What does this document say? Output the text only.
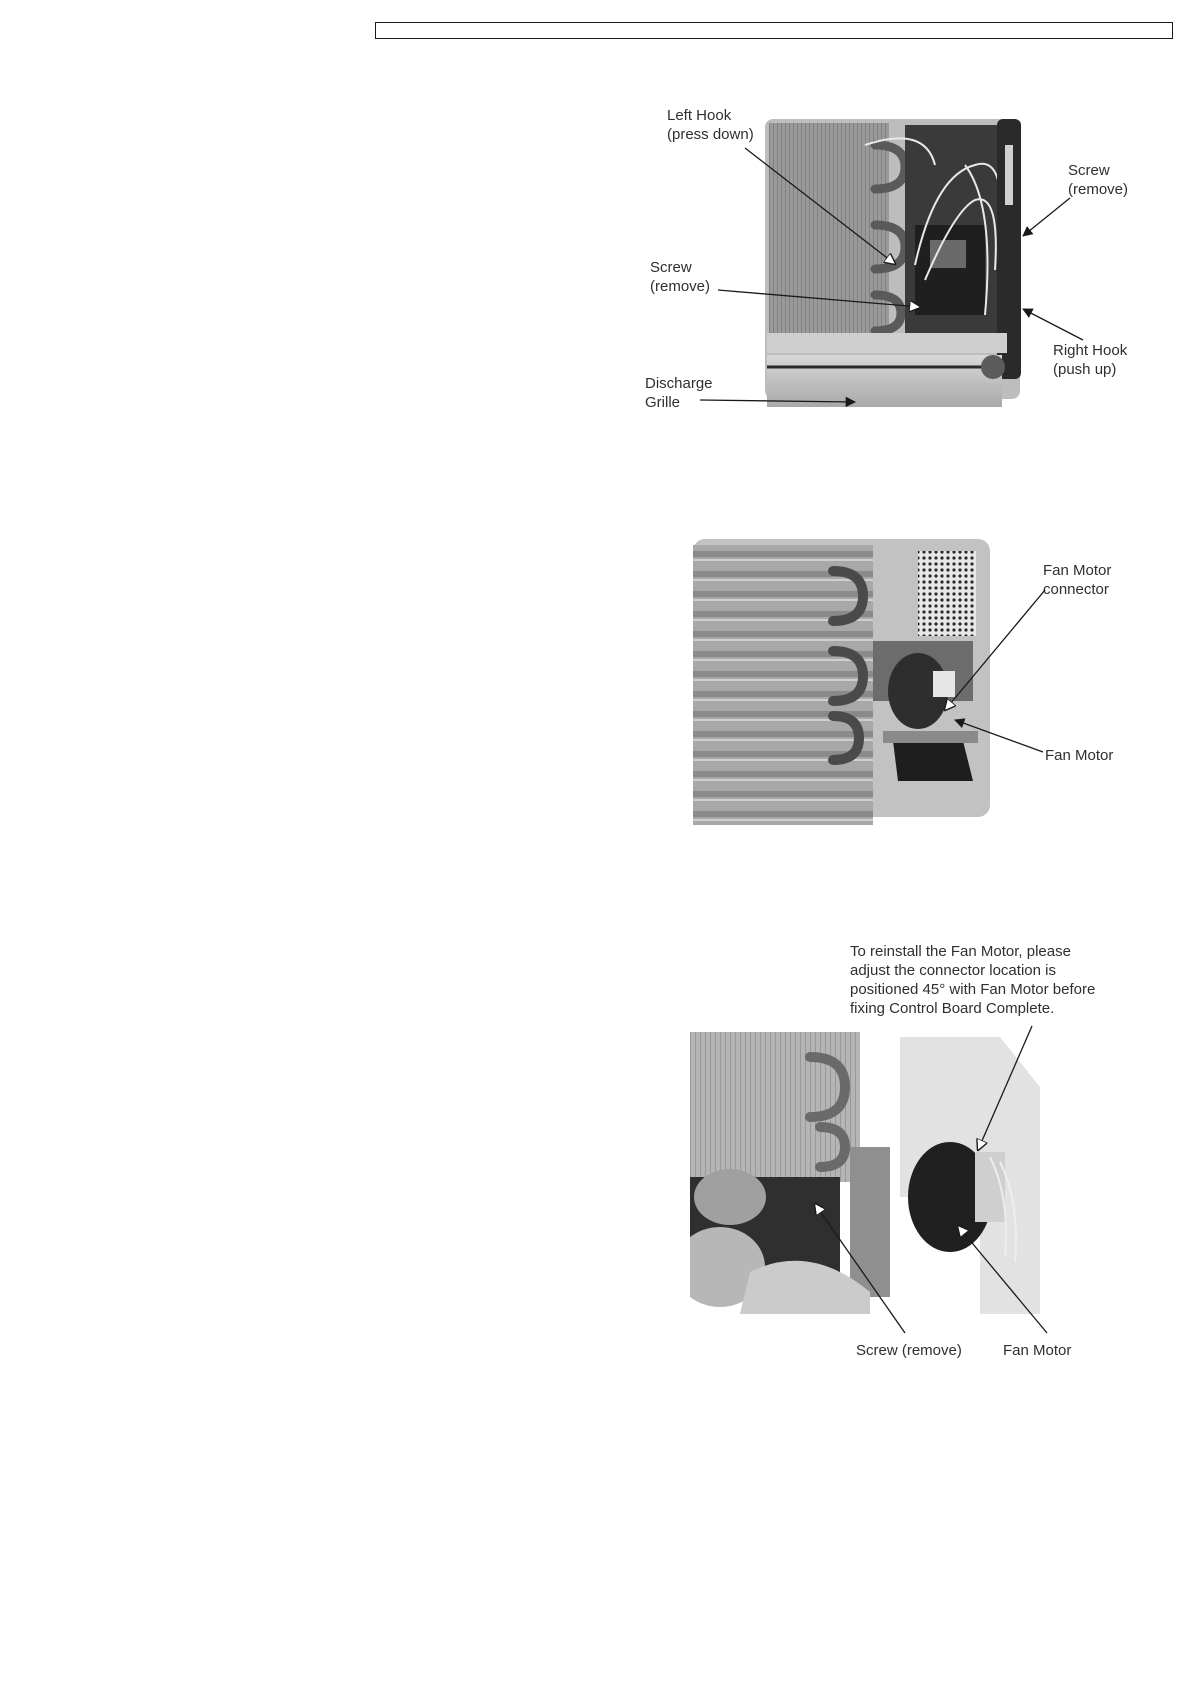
Left Hook
(press down)

Screw
(remove)

Screw
(remove)

Right Hook
(push up)

Discharge
Grille

Fan Motor
connector

Fan Motor

To reinstall the Fan Motor, please
adjust the connector location is
positioned 45° with Fan Motor before
fixing Control Board Complete.

Screw (remove)	Fan Motor
